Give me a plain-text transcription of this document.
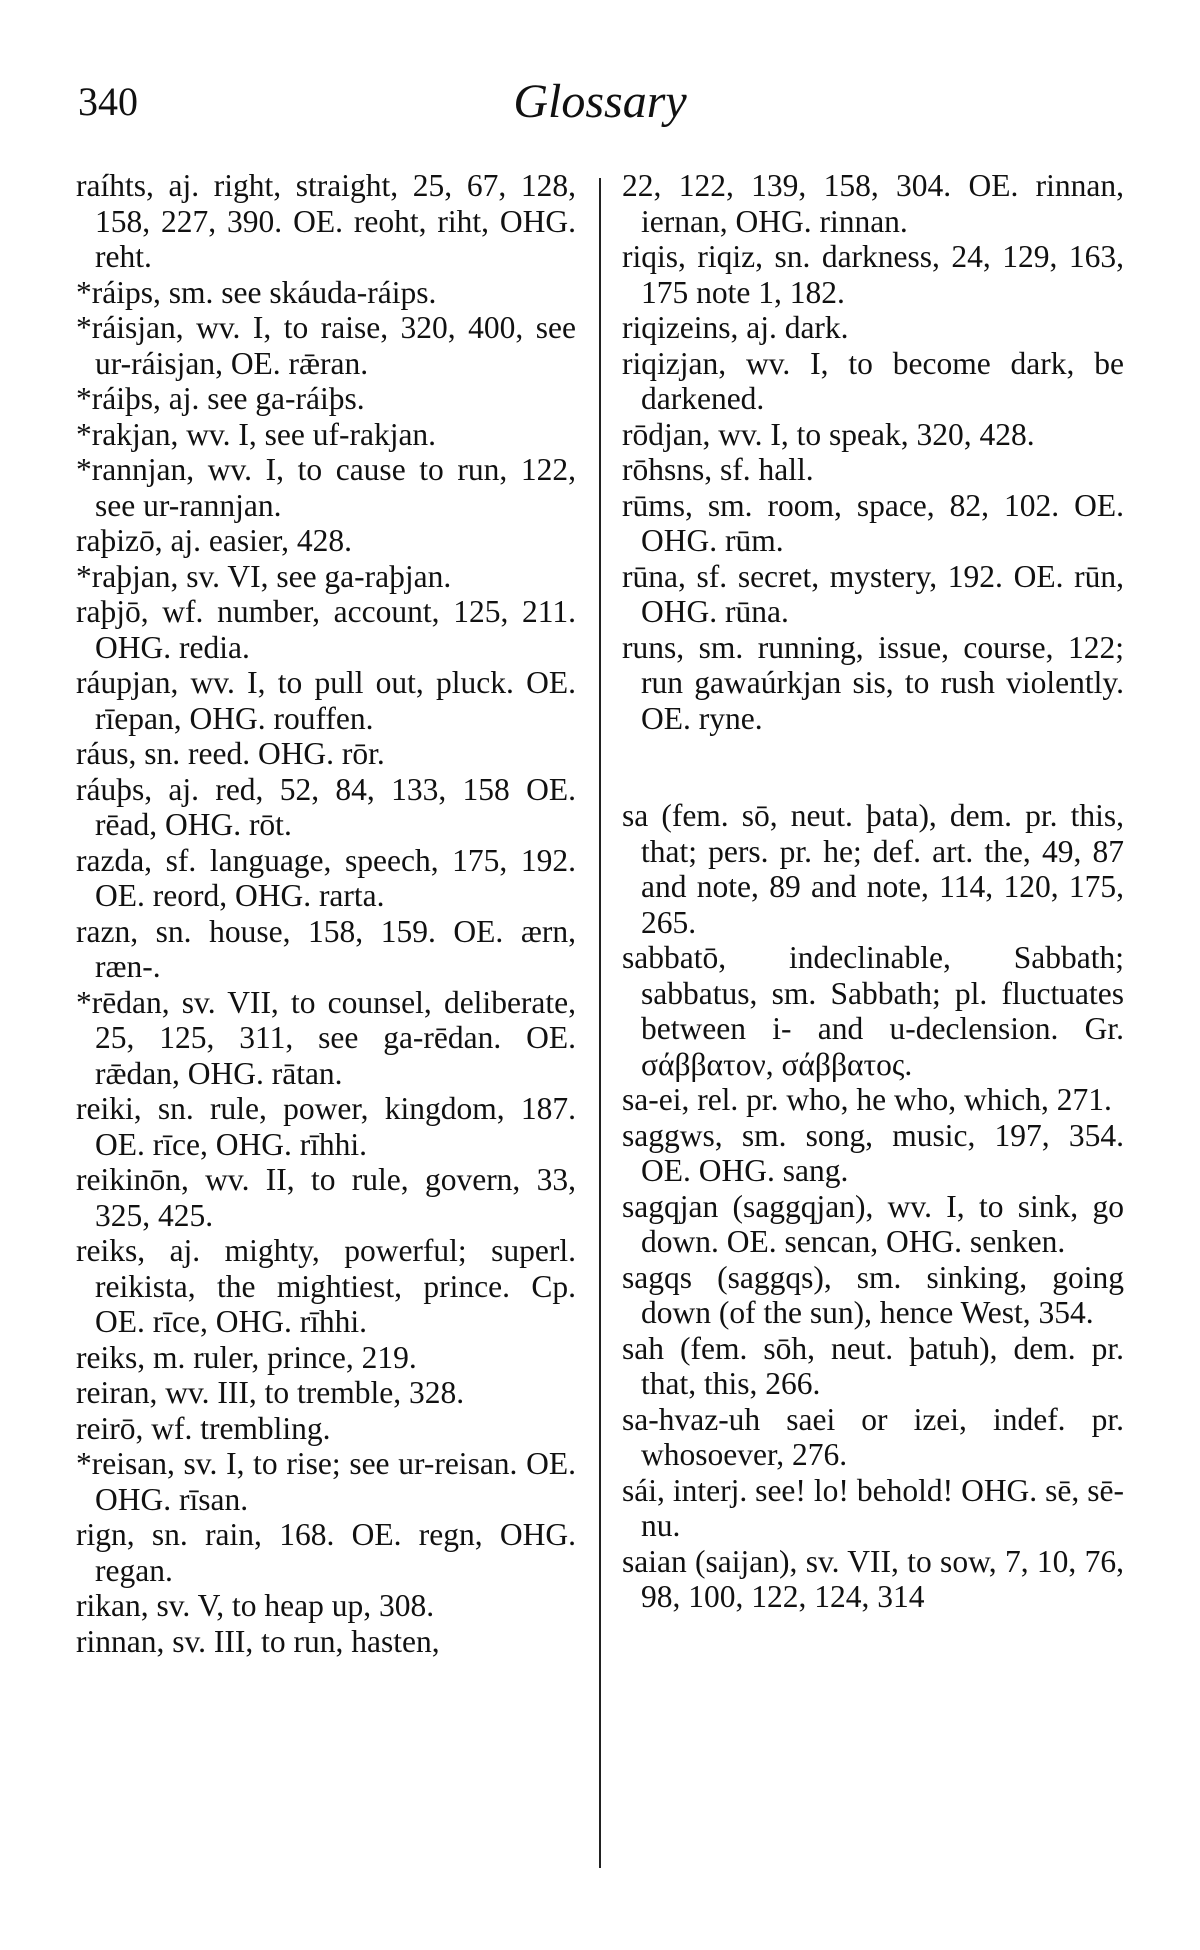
340	Glossary

raíhts, aj. right, straight, 25, 67, 128, 158, 227, 390. OE. reoht, riht, OHG. reht.

*ráips, sm. see skáuda-ráips.

*ráisjan, wv. I, to raise, 320, 400, see ur-ráisjan, OE. rǣran.

*ráiþs, aj. see ga-ráiþs.

*rakjan, wv. I, see uf-rakjan.

*rannjan, wv. I, to cause to run, 122, see ur-rannjan.

raþizō, aj. easier, 428.

*raþjan, sv. VI, see ga-raþjan.

raþjō, wf. number, account, 125, 211. OHG. redia.

ráupjan, wv. I, to pull out, pluck. OE. rīepan, OHG. rouffen.

ráus, sn. reed. OHG. rōr.

ráuþs, aj. red, 52, 84, 133, 158 OE. rēad, OHG. rōt.

razda, sf. language, speech, 175, 192. OE. reord, OHG. rarta.

razn, sn. house, 158, 159. OE. ærn, ræn-.

*rēdan, sv. VII, to counsel, deliberate, 25, 125, 311, see ga-rēdan. OE. rǣdan, OHG. rātan.

reiki, sn. rule, power, kingdom, 187. OE. rīce, OHG. rīhhi.

reikinōn, wv. II, to rule, govern, 33, 325, 425.

reiks, aj. mighty, powerful; superl. reikista, the mightiest, prince. Cp. OE. rīce, OHG. rīhhi.

reiks, m. ruler, prince, 219.

reiran, wv. III, to tremble, 328.

reirō, wf. trembling.

*reisan, sv. I, to rise; see ur-reisan. OE. OHG. rīsan.

rign, sn. rain, 168. OE. regn, OHG. regan.

rikan, sv. V, to heap up, 308.

rinnan, sv. III, to run, hasten,

22, 122, 139, 158, 304. OE. rinnan, iernan, OHG. rinnan.

riqis, riqiz, sn. darkness, 24, 129, 163, 175 note 1, 182.

riqizeins, aj. dark.

riqizjan, wv. I, to become dark, be darkened.

rōdjan, wv. I, to speak, 320, 428.

rōhsns, sf. hall.

rūms, sm. room, space, 82, 102. OE. OHG. rūm.

rūna, sf. secret, mystery, 192. OE. rūn, OHG. rūna.

runs, sm. running, issue, course, 122; run gawaúrkjan sis, to rush violently. OE. ryne.

sa (fem. sō, neut. þata), dem. pr. this, that; pers. pr. he; def. art. the, 49, 87 and note, 89 and note, 114, 120, 175, 265.

sabbatō, indeclinable, Sabbath; sabbatus, sm. Sabbath; pl. fluctuates between i- and u-declension. Gr. σάββατον, σάββατος.

sa-ei, rel. pr. who, he who, which, 271.

saggws, sm. song, music, 197, 354. OE. OHG. sang.

sagqjan (saggqjan), wv. I, to sink, go down. OE. sencan, OHG. senken.

sagqs (saggqs), sm. sinking, going down (of the sun), hence West, 354.

sah (fem. sōh, neut. þatuh), dem. pr. that, this, 266.

sa-hvaz-uh saei or izei, indef. pr. whosoever, 276.

sái, interj. see! lo! behold! OHG. sē, sē-nu.

saian (saijan), sv. VII, to sow, 7, 10, 76, 98, 100, 122, 124, 314
